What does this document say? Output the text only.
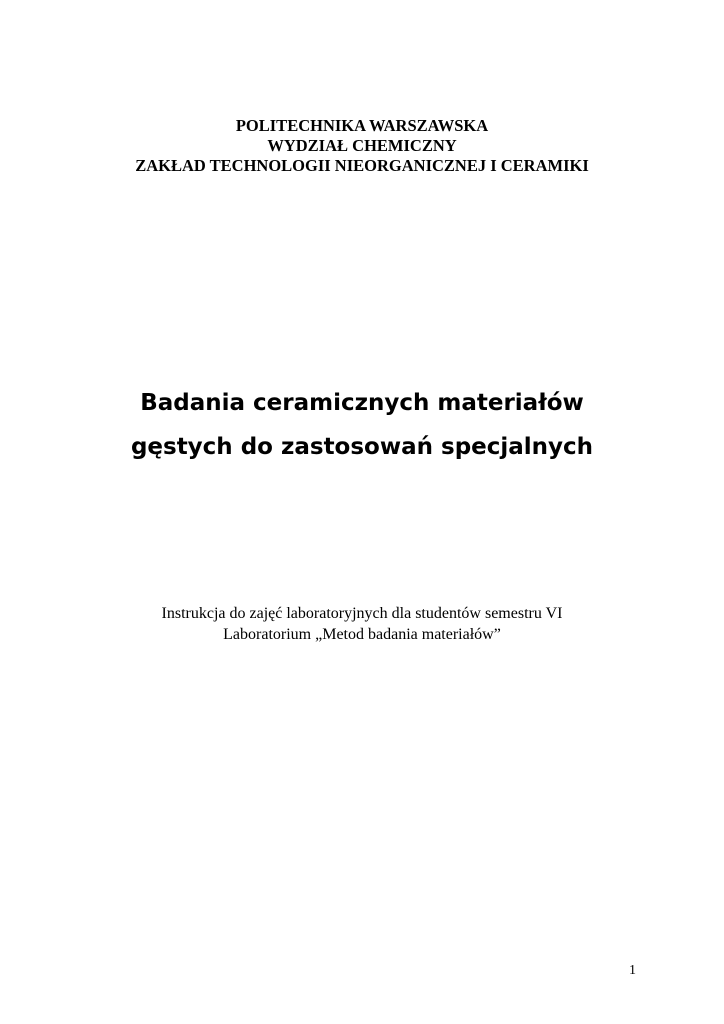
POLITECHNIKA WARSZAWSKA
WYDZIAŁ CHEMICZNY
ZAKŁAD TECHNOLOGII NIEORGANICZNEJ I CERAMIKI
Badania ceramicznych materiałów
gęstych do zastosowań specjalnych
Instrukcja do zajęć laboratoryjnych dla studentów semestru VI
Laboratorium „Metod badania materiałów”
1
